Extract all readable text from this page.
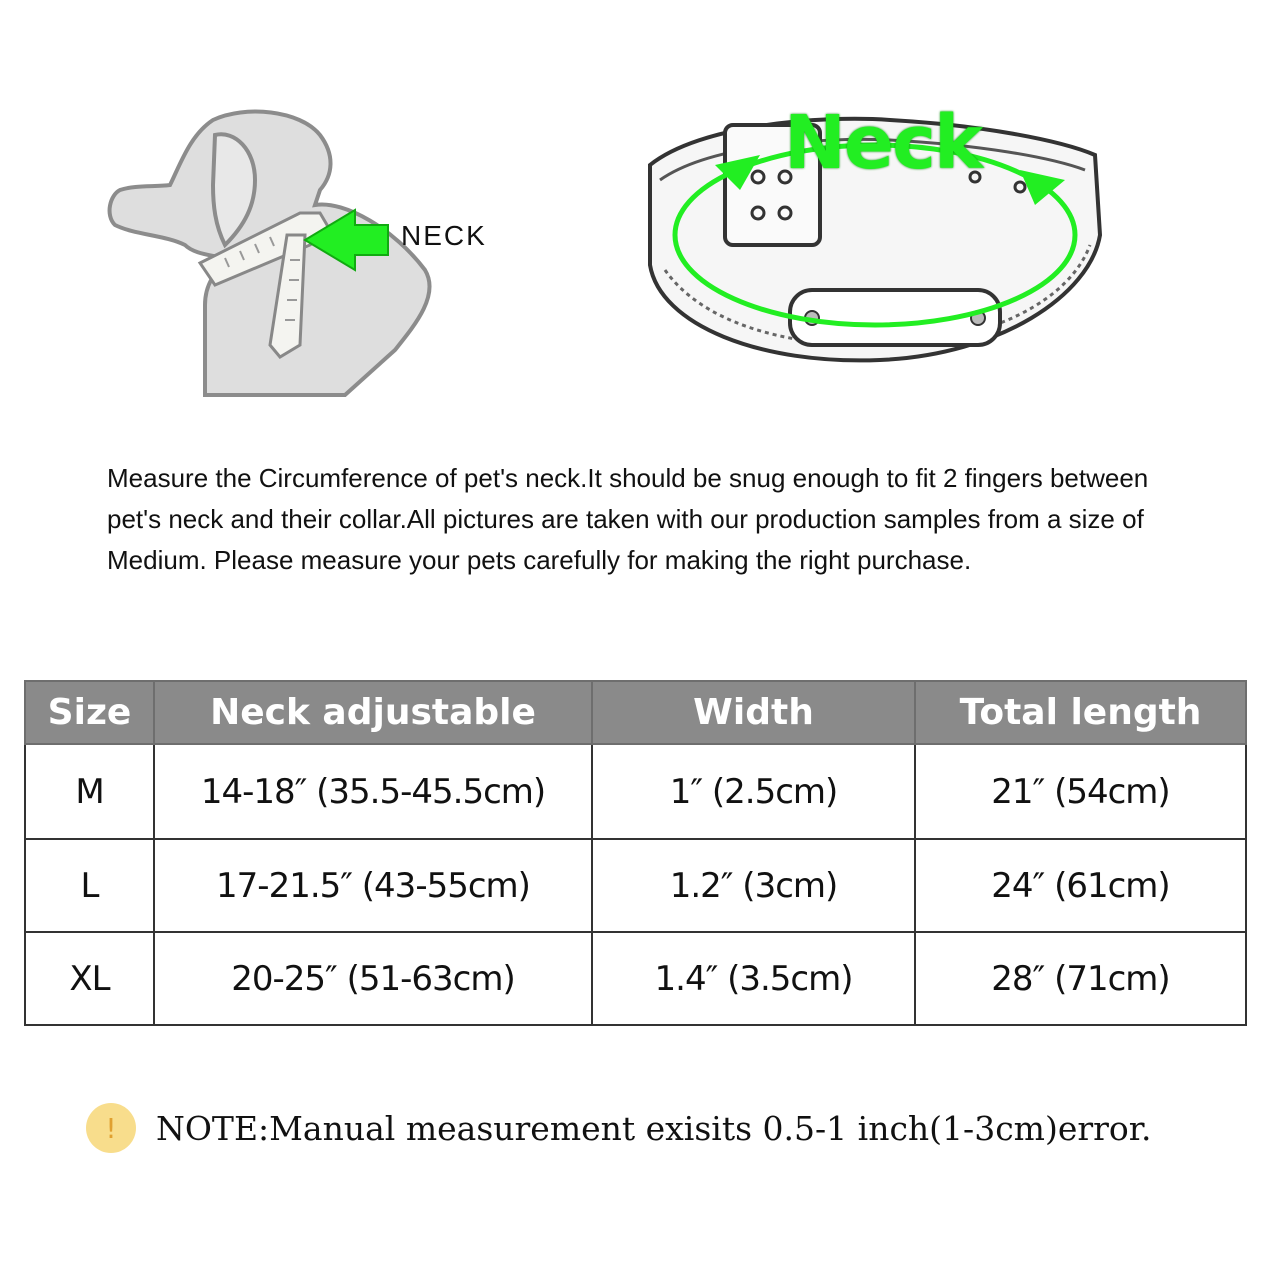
NECK
Neck

Measure the Circumference of pet's neck.It should be snug enough to fit 2 fingers between pet's neck and their collar.All pictures are taken with our production samples from a size of Medium. Please measure your pets carefully for making the right purchase.

Size	Neck adjustable	Width	Total length
M	14-18″ (35.5-45.5cm)	1″ (2.5cm)	21″ (54cm)
L	17-21.5″ (43-55cm)	1.2″ (3cm)	24″ (61cm)
XL	20-25″ (51-63cm)	1.4″ (3.5cm)	28″ (71cm)
!	NOTE:Manual measurement exisits 0.5-1 inch(1-3cm)error.
